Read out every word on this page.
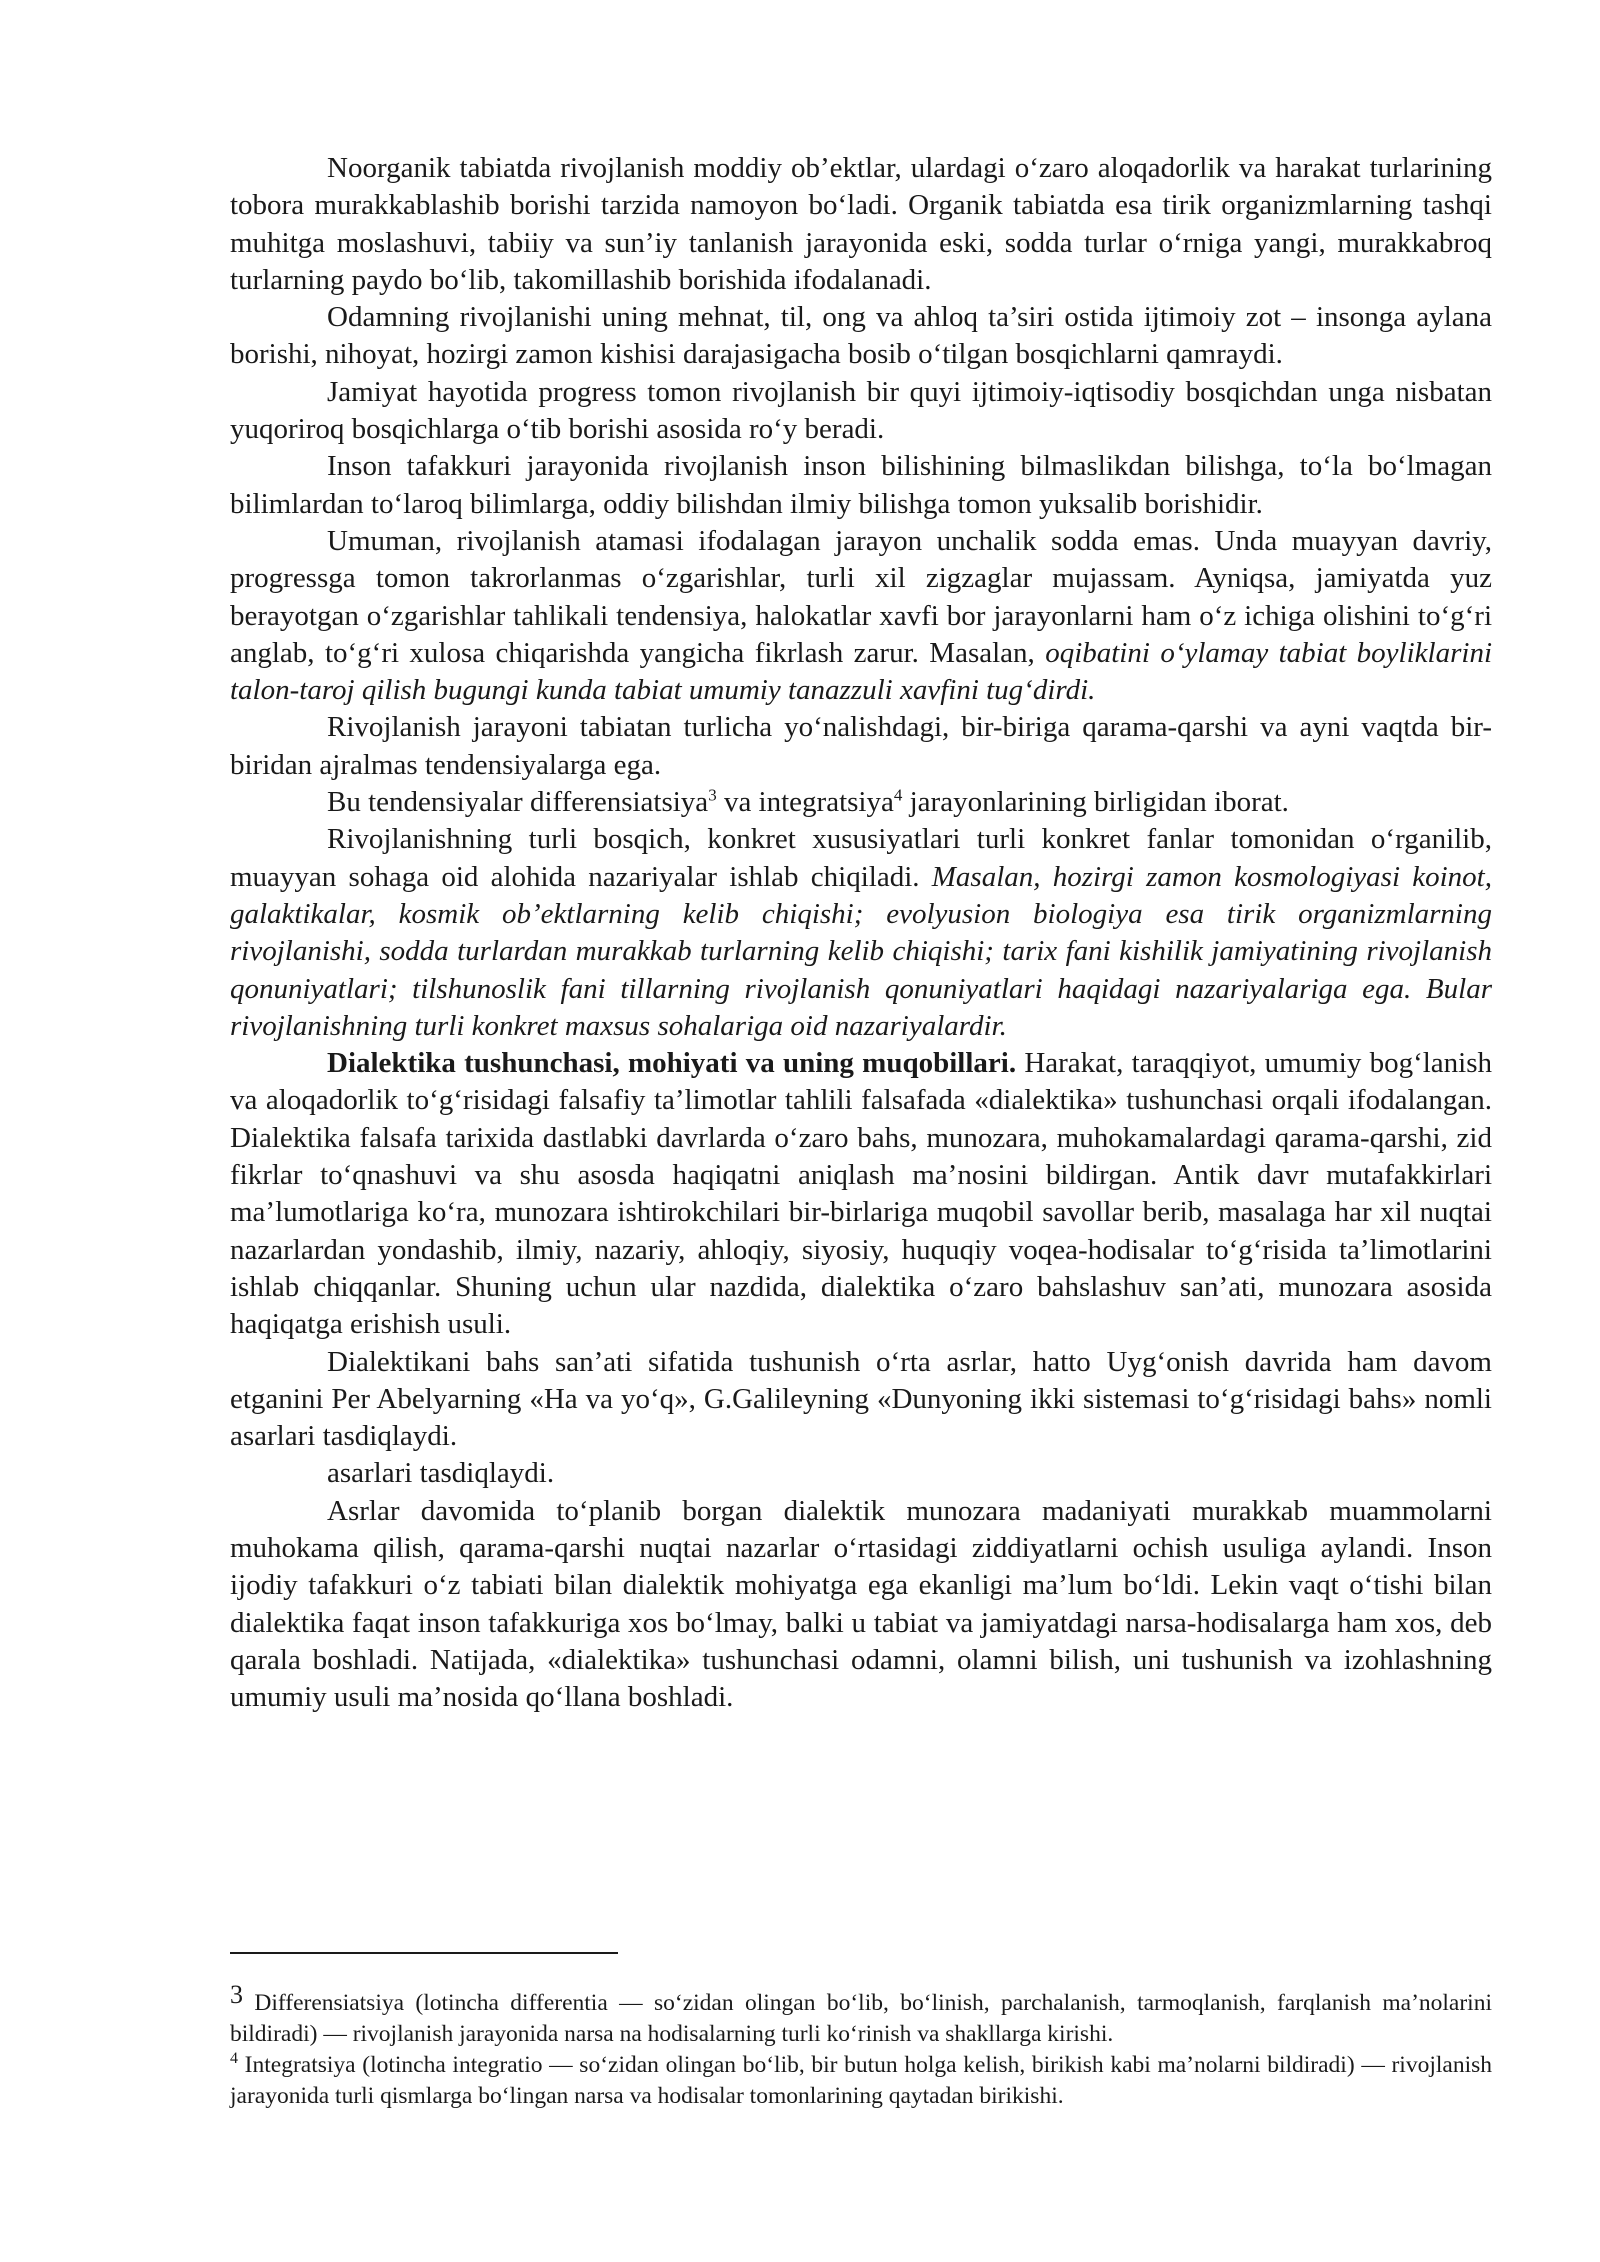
Noorganik tabiatda rivojlanish moddiy ob’ektlar, ulardagi o‘zaro aloqadorlik va harakat turlarining tobora murakkablashib borishi tarzida namoyon bo‘ladi. Organik tabiatda esa tirik organizmlarning tashqi muhitga moslashuvi, tabiiy va sun’iy tanlanish jarayonida eski, sodda turlar o‘rniga yangi, murakkabroq turlarning paydo bo‘lib, takomillashib borishida ifodalanadi.

Odamning rivojlanishi uning mehnat, til, ong va ahloq ta’siri ostida ijtimoiy zot – insonga aylana borishi, nihoyat, hozirgi zamon kishisi darajasigacha bosib o‘tilgan bosqichlarni qamraydi.

Jamiyat hayotida progress tomon rivojlanish bir quyi ijtimoiy-iqtisodiy bosqichdan unga nisbatan yuqoriroq bosqichlarga o‘tib borishi asosida ro‘y beradi.

Inson tafakkuri jarayonida rivojlanish inson bilishining bilmaslikdan bilishga, to‘la bo‘lmagan bilimlardan to‘laroq bilimlarga, oddiy bilishdan ilmiy bilishga tomon yuksalib borishidir.

Umuman, rivojlanish atamasi ifodalagan jarayon unchalik sodda emas. Unda muayyan davriy, progressga tomon takrorlanmas o‘zgarishlar, turli xil zigzaglar mujassam. Ayniqsa, jamiyatda yuz berayotgan o‘zgarishlar tahlikali tendensiya, halokatlar xavfi bor jarayonlarni ham o‘z ichiga olishini to‘g‘ri anglab, to‘g‘ri xulosa chiqarishda yangicha fikrlash zarur. Masalan, oqibatini o‘ylamay tabiat boyliklarini talon-taroj qilish bugungi kunda tabiat umumiy tanazzuli xavfini tug‘dirdi.

Rivojlanish jarayoni tabiatan turlicha yo‘nalishdagi, bir-biriga qarama-qarshi va ayni vaqtda bir-biridan ajralmas tendensiyalarga ega.

Bu tendensiyalar differensiatsiya$^3$ va integratsiya$^4$ jarayonlarining birligidan iborat.

Rivojlanishning turli bosqich, konkret xususiyatlari turli konkret fanlar tomonidan o‘rganilib, muayyan sohaga oid alohida nazariyalar ishlab chiqiladi. Masalan, hozirgi zamon kosmologiyasi koinot, galaktikalar, kosmik ob’ektlarning kelib chiqishi; evolyusion biologiya esa tirik organizmlarning rivojlanishi, sodda turlardan murakkab turlarning kelib chiqishi; tarix fani kishilik jamiyatining rivojlanish qonuniyatlari; tilshunoslik fani tillarning rivojlanish qonuniyatlari haqidagi nazariyalariga ega. Bular rivojlanishning turli konkret maxsus sohalariga oid nazariyalardir.

Dialektika tushunchasi, mohiyati va uning muqobillari. Harakat, taraqqiyot, umumiy bog‘lanish va aloqadorlik to‘g‘risidagi falsafiy ta’limotlar tahlili falsafada «dialektika» tushunchasi orqali ifodalangan. Dialektika falsafa tarixida dastlabki davrlarda o‘zaro bahs, munozara, muhokamalardagi qarama-qarshi, zid fikrlar to‘qnashuvi va shu asosda haqiqatni aniqlash ma’nosini bildirgan. Antik davr mutafakkirlari ma’lumotlariga ko‘ra, munozara ishtirokchilari bir-birlariga muqobil savollar berib, masalaga har xil nuqtai nazarlardan yondashib, ilmiy, nazariy, ahloqiy, siyosiy, huquqiy voqea-hodisalar to‘g‘risida ta’limotlarini ishlab chiqqanlar. Shuning uchun ular nazdida, dialektika o‘zaro bahslashuv san’ati, munozara asosida haqiqatga erishish usuli.

Dialektikani bahs san’ati sifatida tushunish o‘rta asrlar, hatto Uyg‘onish davrida ham davom etganini Per Abelyarning «Ha va yo‘q», G.Galileyning «Dunyoning ikki sistemasi to‘g‘risidagi bahs» nomli asarlari tasdiqlaydi.

asarlari tasdiqlaydi.

Asrlar davomida to‘planib borgan dialektik munozara madaniyati murakkab muammolarni muhokama qilish, qarama-qarshi nuqtai nazarlar o‘rtasidagi ziddiyatlarni ochish usuliga aylandi. Inson ijodiy tafakkuri o‘z tabiati bilan dialektik mohiyatga ega ekanligi ma’lum bo‘ldi. Lekin vaqt o‘tishi bilan dialektika faqat inson tafakkuriga xos bo‘lmay, balki u tabiat va jamiyatdagi narsa-hodisalarga ham xos, deb qarala boshladi. Natijada, «dialektika» tushunchasi odamni, olamni bilish, uni tushunish va izohlashning umumiy usuli ma’nosida qo‘llana boshladi.

3 Differensiatsiya (lotincha differentia — so‘zidan olingan bo‘lib, bo‘linish, parchalanish, tarmoqlanish, farqlanish ma’nolarini bildiradi) — rivojlanish jarayonida narsa na hodisalarning turli ko‘rinish va shakllarga kirishi.

$^4$ Integratsiya (lotincha integratio — so‘zidan olingan bo‘lib, bir butun holga kelish, birikish kabi ma’nolarni bildiradi) — rivojlanish jarayonida turli qismlarga bo‘lingan narsa va hodisalar tomonlarining qaytadan birikishi.
